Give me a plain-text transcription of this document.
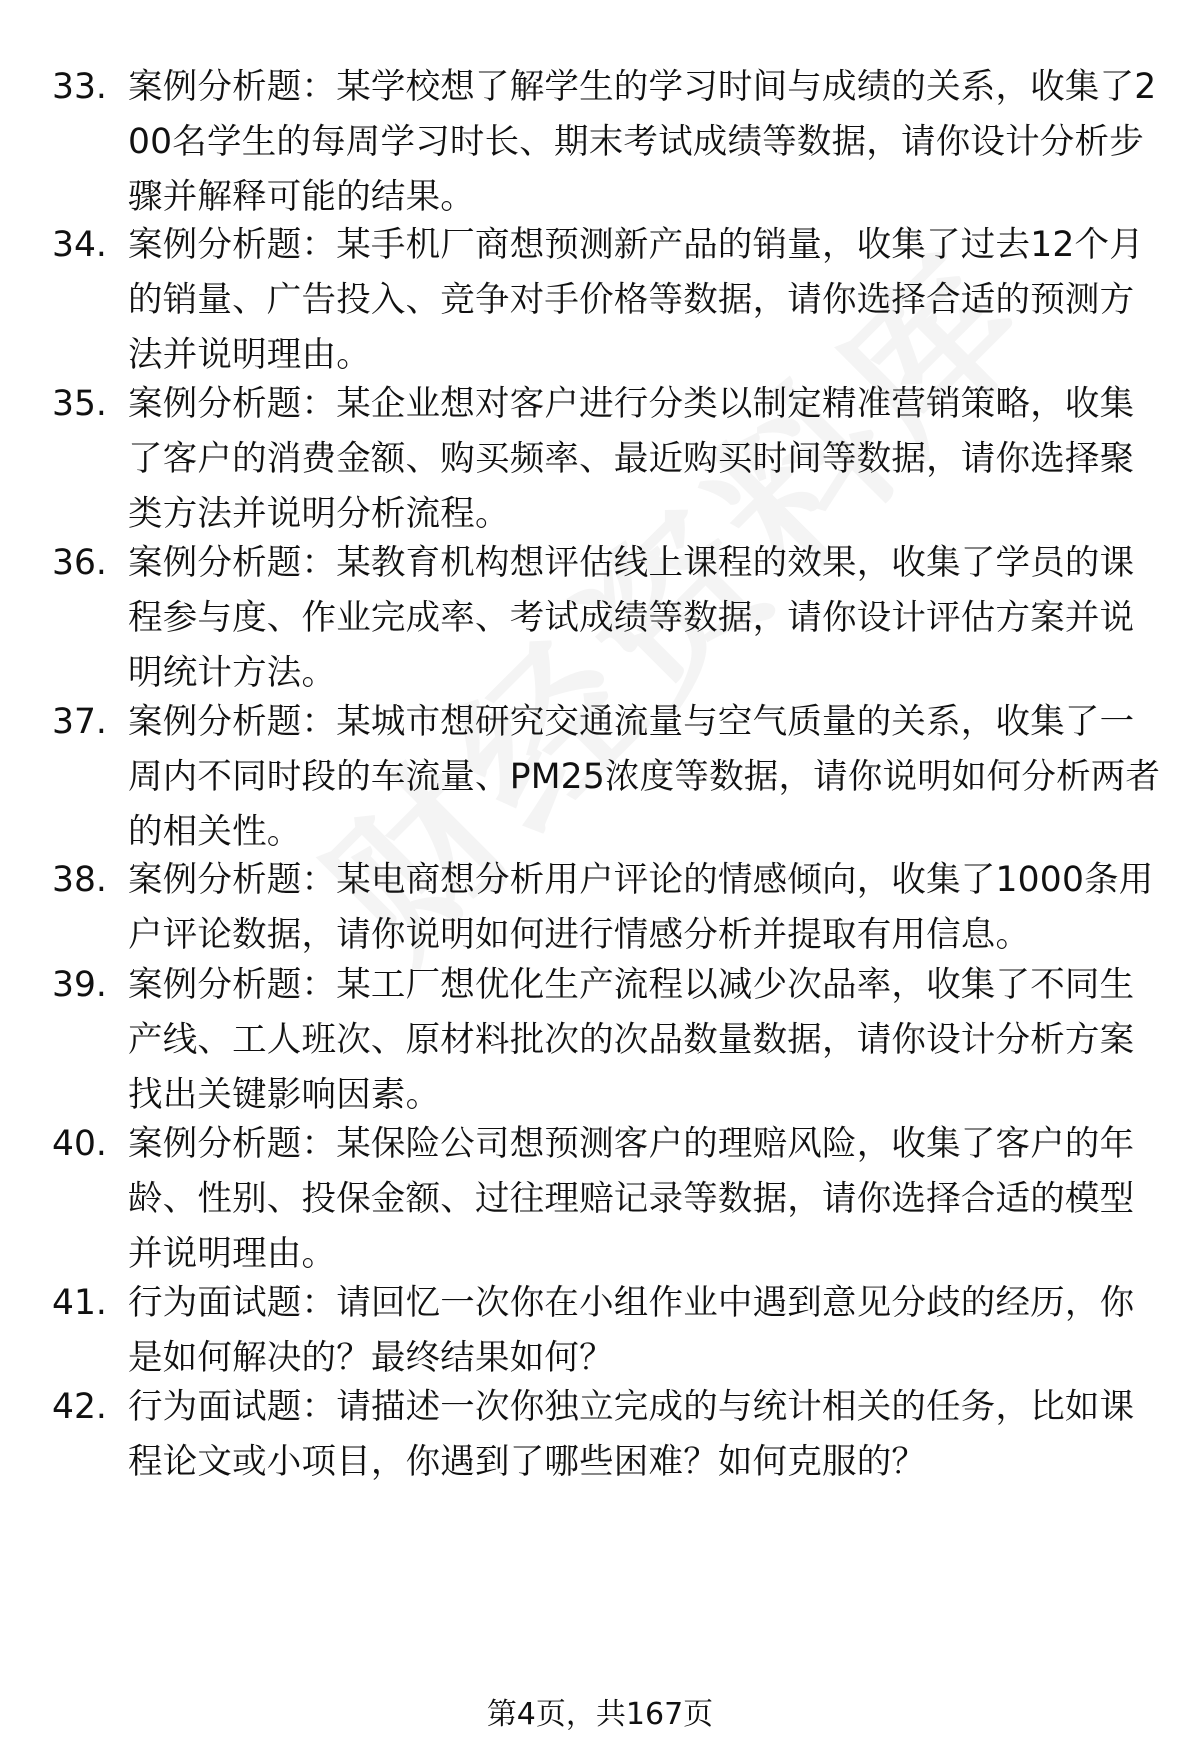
33. 案例分析题：某学校想了解学生的学习时间与成绩的关系，收集了200名学生的每周学习时长、期末考试成绩等数据，请你设计分析步骤并解释可能的结果。
34. 案例分析题：某手机厂商想预测新产品的销量，收集了过去12个月的销量、广告投入、竞争对手价格等数据，请你选择合适的预测方法并说明理由。
35. 案例分析题：某企业想对客户进行分类以制定精准营销策略，收集了客户的消费金额、购买频率、最近购买时间等数据，请你选择聚类方法并说明分析流程。
36. 案例分析题：某教育机构想评估线上课程的效果，收集了学员的课程参与度、作业完成率、考试成绩等数据，请你设计评估方案并说明统计方法。
37. 案例分析题：某城市想研究交通流量与空气质量的关系，收集了一周内不同时段的车流量、PM25浓度等数据，请你说明如何分析两者的相关性。
38. 案例分析题：某电商想分析用户评论的情感倾向，收集了1000条用户评论数据，请你说明如何进行情感分析并提取有用信息。
39. 案例分析题：某工厂想优化生产流程以减少次品率，收集了不同生产线、工人班次、原材料批次的次品数量数据，请你设计分析方案找出关键影响因素。
40. 案例分析题：某保险公司想预测客户的理赔风险，收集了客户的年龄、性别、投保金额、过往理赔记录等数据，请你选择合适的模型并说明理由。
41. 行为面试题：请回忆一次你在小组作业中遇到意见分歧的经历，你是如何解决的？最终结果如何？
42. 行为面试题：请描述一次你独立完成的与统计相关的任务，比如课程论文或小项目，你遇到了哪些困难？如何克服的？
第4页，共167页
